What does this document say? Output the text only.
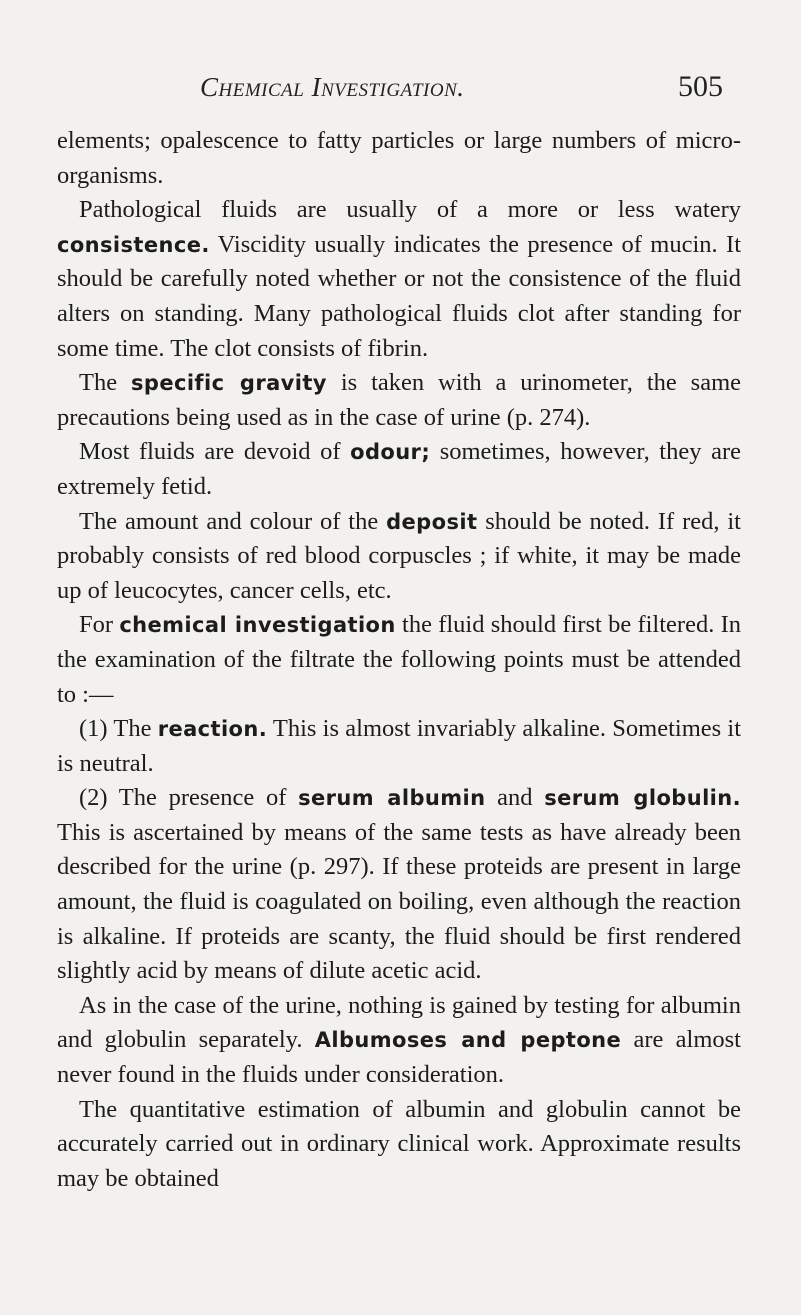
Chemical Investigation.	505

elements; opalescence to fatty particles or large numbers of micro-organisms.

Pathological fluids are usually of a more or less watery consistence. Viscidity usually indicates the presence of mucin. It should be carefully noted whether or not the consistence of the fluid alters on standing. Many pathological fluids clot after standing for some time. The clot consists of fibrin.

The specific gravity is taken with a urinometer, the same precautions being used as in the case of urine (p. 274).

Most fluids are devoid of odour; sometimes, however, they are extremely fetid.

The amount and colour of the deposit should be noted. If red, it probably consists of red blood corpuscles ; if white, it may be made up of leucocytes, cancer cells, etc.

For chemical investigation the fluid should first be filtered. In the examination of the filtrate the following points must be attended to :—

(1) The reaction. This is almost invariably alkaline. Sometimes it is neutral.

(2) The presence of serum albumin and serum globulin. This is ascertained by means of the same tests as have already been described for the urine (p. 297). If these proteids are present in large amount, the fluid is coagulated on boiling, even although the reaction is alkaline. If proteids are scanty, the fluid should be first rendered slightly acid by means of dilute acetic acid.

As in the case of the urine, nothing is gained by testing for albumin and globulin separately. Albumoses and peptone are almost never found in the fluids under consideration.

The quantitative estimation of albumin and globulin cannot be accurately carried out in ordinary clinical work. Approximate results may be obtained
